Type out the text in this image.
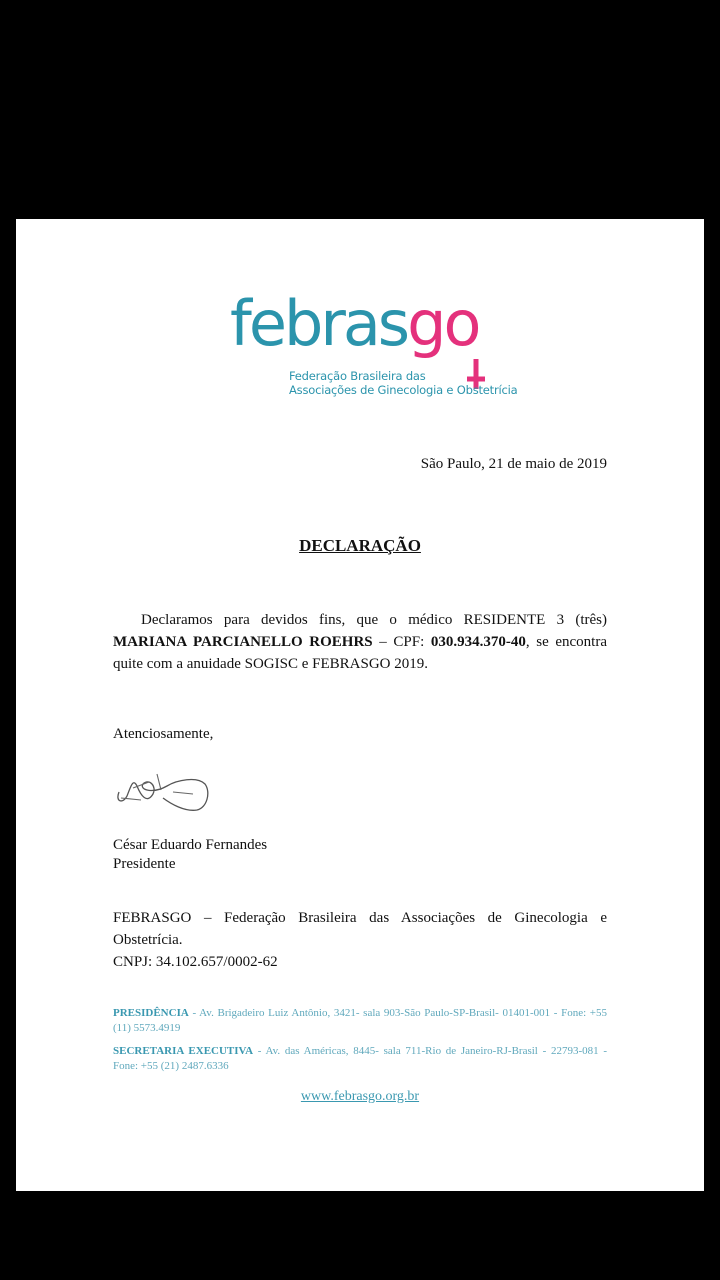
febrasgo
Federação Brasileira das
Associações de Ginecologia e Obstetrícia
São Paulo, 21 de maio de 2019
DECLARAÇÃO
Declaramos para devidos fins, que o médico RESIDENTE 3 (três) MARIANA PARCIANELLO ROEHRS – CPF: 030.934.370-40, se encontra quite com a anuidade SOGISC e FEBRASGO 2019.
Atenciosamente,
César Eduardo Fernandes
Presidente
FEBRASGO – Federação Brasileira das Associações de Ginecologia e Obstetrícia.
CNPJ: 34.102.657/0002-62
PRESIDÊNCIA - Av. Brigadeiro Luiz Antônio, 3421- sala 903-São Paulo-SP-Brasil- 01401-001 - Fone: +55 (11) 5573.4919
SECRETARIA EXECUTIVA - Av. das Américas, 8445- sala 711-Rio de Janeiro-RJ-Brasil - 22793-081 - Fone: +55 (21) 2487.6336
www.febrasgo.org.br
